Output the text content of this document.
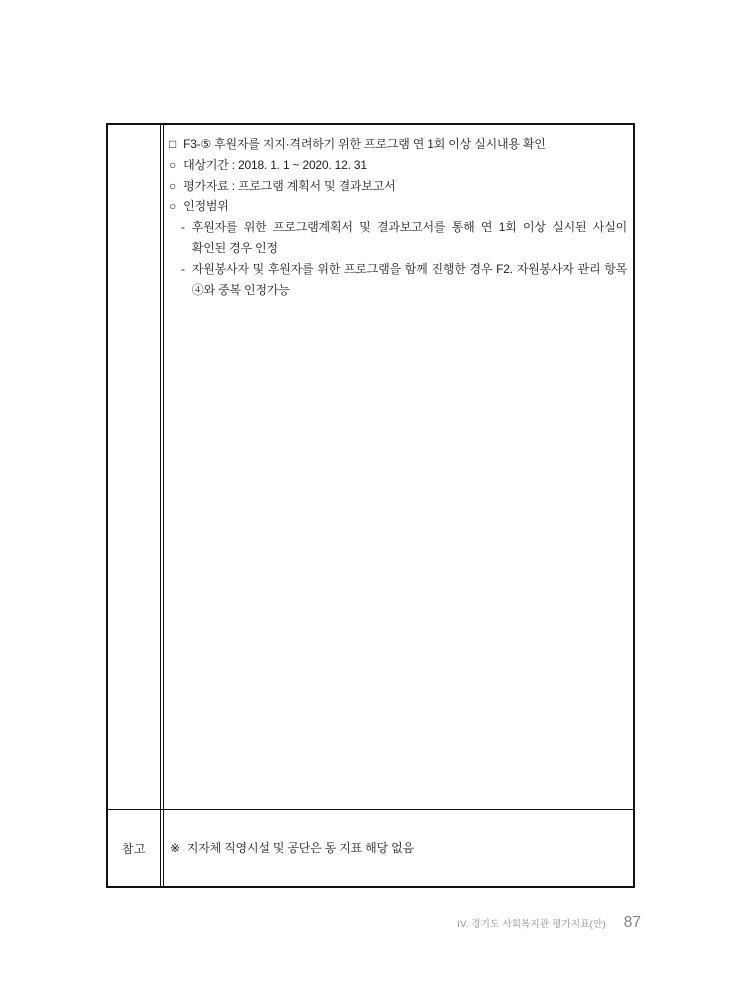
□ F3-⑤ 후원자를 지지·격려하기 위한 프로그램 연 1회 이상 실시내용 확인
○ 대상기간 : 2018. 1. 1 ~ 2020. 12. 31
○ 평가자료 : 프로그램 계획서 및 결과보고서
○ 인정범위
- 후원자를 위한 프로그램계획서 및 결과보고서를 통해 연 1회 이상 실시된 사실이 확인된 경우 인정
- 자원봉사자 및 후원자를 위한 프로그램을 함께 진행한 경우 F2. 자원봉사자 관리 항목 ④와 중복 인정가능
참고	※ 지자체 직영시설 및 공단은 동 지표 해당 없음
IV. 경기도 사회복지관 평가지표(안) 87
